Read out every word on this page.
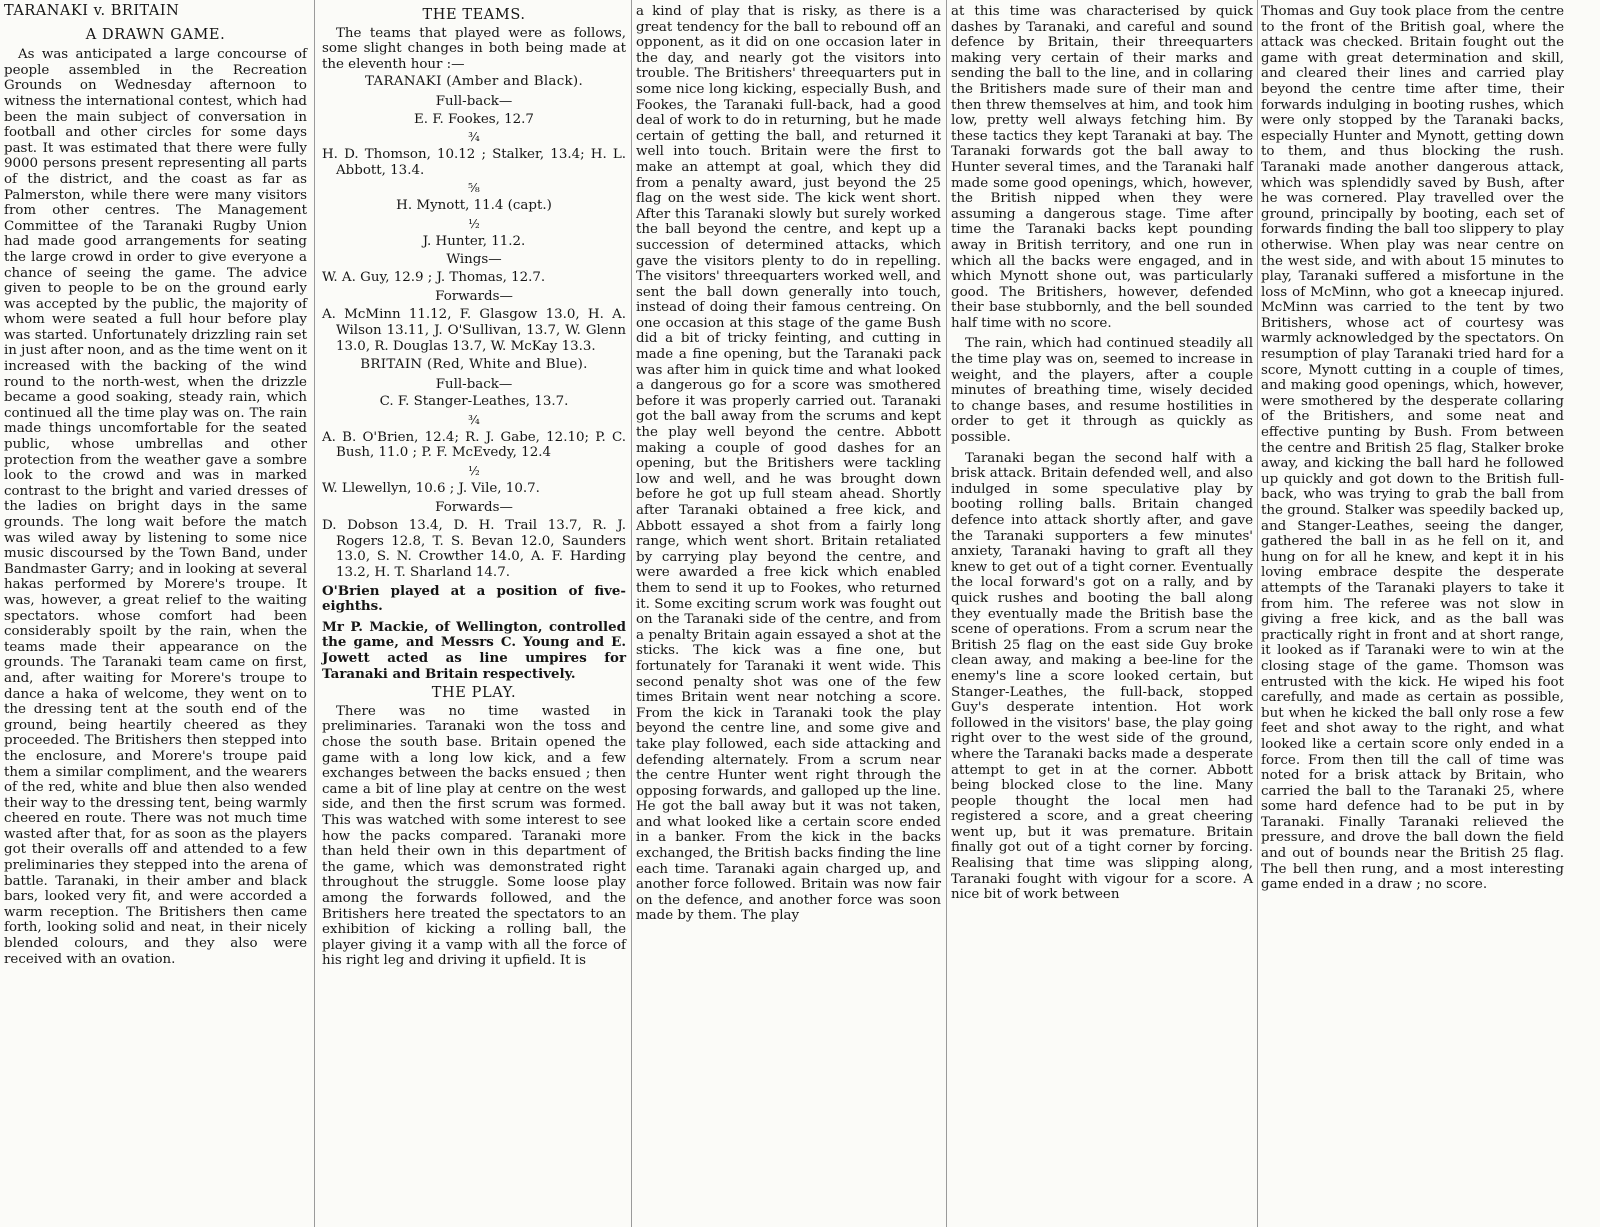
TARANAKI v. BRITAIN
A DRAWN GAME.

As was anticipated a large concourse of people assembled in the Recreation Grounds on Wednesday afternoon to witness the international contest, which had been the main subject of conversation in football and other circles for some days past. It was estimated that there were fully 9000 persons present representing all parts of the district, and the coast as far as Palmerston, while there were many visitors from other centres. The Management Committee of the Taranaki Rugby Union had made good arrangements for seating the large crowd in order to give everyone a chance of seeing the game. The advice given to people to be on the ground early was accepted by the public, the majority of whom were seated a full hour before play was started. Unfortunately drizzling rain set in just after noon, and as the time went on it increased with the backing of the wind round to the north-west, when the drizzle became a good soaking, steady rain, which continued all the time play was on. The rain made things uncomfortable for the seated public, whose umbrellas and other protection from the weather gave a sombre look to the crowd and was in marked contrast to the bright and varied dresses of the ladies on bright days in the same grounds. The long wait before the match was wiled away by listening to some nice music discoursed by the Town Band, under Bandmaster Garry; and in looking at several hakas performed by Morere's troupe. It was, however, a great relief to the waiting spectators. whose comfort had been considerably spoilt by the rain, when the teams made their appearance on the grounds. The Taranaki team came on first, and, after waiting for Morere's troupe to dance a haka of welcome, they went on to the dressing tent at the south end of the ground, being heartily cheered as they proceeded. The Britishers then stepped into the enclosure, and Morere's troupe paid them a similar compliment, and the wearers of the red, white and blue then also wended their way to the dressing tent, being warmly cheered en route. There was not much time wasted after that, for as soon as the players got their overalls off and attended to a few preliminaries they stepped into the arena of battle. Taranaki, in their amber and black bars, looked very fit, and were accorded a warm reception. The Britishers then came forth, looking solid and neat, in their nicely blended colours, and they also were received with an ovation.

THE TEAMS.

The teams that played were as follows, some slight changes in both being made at the eleventh hour :—

TARANAKI (Amber and Black).
Full-back—
E. F. Fookes, 12.7
¾
H. D. Thomson, 10.12 ; Stalker, 13.4; H. L. Abbott, 13.4.
⅝
H. Mynott, 11.4 (capt.)
½
J. Hunter, 11.2.
Wings—
W. A. Guy, 12.9 ; J. Thomas, 12.7.
Forwards—
A. McMinn 11.12, F. Glasgow 13.0, H. A. Wilson 13.11, J. O'Sullivan, 13.7, W. Glenn 13.0, R. Douglas 13.7, W. McKay 13.3.
BRITAIN (Red, White and Blue).
Full-back—
C. F. Stanger-Leathes, 13.7.
¾
A. B. O'Brien, 12.4; R. J. Gabe, 12.10; P. C. Bush, 11.0 ; P. F. McEvedy, 12.4
½
W. Llewellyn, 10.6 ; J. Vile, 10.7.
Forwards—
D. Dobson 13.4, D. H. Trail 13.7, R. J. Rogers 12.8, T. S. Bevan 12.0, Saunders 13.0, S. N. Crowther 14.0, A. F. Harding 13.2, H. T. Sharland 14.7.

O'Brien played at a position of five-eighths.

Mr P. Mackie, of Wellington, controlled the game, and Messrs C. Young and E. Jowett acted as line umpires for Taranaki and Britain respectively.

THE PLAY.

There was no time wasted in preliminaries. Taranaki won the toss and chose the south base. Britain opened the game with a long low kick, and a few exchanges between the backs ensued ; then came a bit of line play at centre on the west side, and then the first scrum was formed. This was watched with some interest to see how the packs compared. Taranaki more than held their own in this department of the game, which was demonstrated right throughout the struggle. Some loose play among the forwards followed, and the Britishers here treated the spectators to an exhibition of kicking a rolling ball, the player giving it a vamp with all the force of his right leg and driving it upfield. It is

a kind of play that is risky, as there is a great tendency for the ball to rebound off an opponent, as it did on one occasion later in the day, and nearly got the visitors into trouble. The Britishers' threequarters put in some nice long kicking, especially Bush, and Fookes, the Taranaki full-back, had a good deal of work to do in returning, but he made certain of getting the ball, and returned it well into touch. Britain were the first to make an attempt at goal, which they did from a penalty award, just beyond the 25 flag on the west side. The kick went short. After this Taranaki slowly but surely worked the ball beyond the centre, and kept up a succession of determined attacks, which gave the visitors plenty to do in repelling. The visitors' threequarters worked well, and sent the ball down generally into touch, instead of doing their famous centreing. On one occasion at this stage of the game Bush did a bit of tricky feinting, and cutting in made a fine opening, but the Taranaki pack was after him in quick time and what looked a dangerous go for a score was smothered before it was properly carried out. Taranaki got the ball away from the scrums and kept the play well beyond the centre. Abbott making a couple of good dashes for an opening, but the Britishers were tackling low and well, and he was brought down before he got up full steam ahead. Shortly after Taranaki obtained a free kick, and Abbott essayed a shot from a fairly long range, which went short. Britain retaliated by carrying play beyond the centre, and were awarded a free kick which enabled them to send it up to Fookes, who returned it. Some exciting scrum work was fought out on the Taranaki side of the centre, and from a penalty Britain again essayed a shot at the sticks. The kick was a fine one, but fortunately for Taranaki it went wide. This second penalty shot was one of the few times Britain went near notching a score. From the kick in Taranaki took the play beyond the centre line, and some give and take play followed, each side attacking and defending alternately. From a scrum near the centre Hunter went right through the opposing forwards, and galloped up the line. He got the ball away but it was not taken, and what looked like a certain score ended in a banker. From the kick in the backs exchanged, the British backs finding the line each time. Taranaki again charged up, and another force followed. Britain was now fair on the defence, and another force was soon made by them. The play

at this time was characterised by quick dashes by Taranaki, and careful and sound defence by Britain, their threequarters making very certain of their marks and sending the ball to the line, and in collaring the Britishers made sure of their man and then threw themselves at him, and took him low, pretty well always fetching him. By these tactics they kept Taranaki at bay. The Taranaki forwards got the ball away to Hunter several times, and the Taranaki half made some good openings, which, however, the British nipped when they were assuming a dangerous stage. Time after time the Taranaki backs kept pounding away in British territory, and one run in which all the backs were engaged, and in which Mynott shone out, was particularly good. The Britishers, however, defended their base stubbornly, and the bell sounded half time with no score.

The rain, which had continued steadily all the time play was on, seemed to increase in weight, and the players, after a couple minutes of breathing time, wisely decided to change bases, and resume hostilities in order to get it through as quickly as possible.

Taranaki began the second half with a brisk attack. Britain defended well, and also indulged in some speculative play by booting rolling balls. Britain changed defence into attack shortly after, and gave the Taranaki supporters a few minutes' anxiety, Taranaki having to graft all they knew to get out of a tight corner. Eventually the local forward's got on a rally, and by quick rushes and booting the ball along they eventually made the British base the scene of operations. From a scrum near the British 25 flag on the east side Guy broke clean away, and making a bee-line for the enemy's line a score looked certain, but Stanger-Leathes, the full-back, stopped Guy's desperate intention. Hot work followed in the visitors' base, the play going right over to the west side of the ground, where the Taranaki backs made a desperate attempt to get in at the corner. Abbott being blocked close to the line. Many people thought the local men had registered a score, and a great cheering went up, but it was premature. Britain finally got out of a tight corner by forcing. Realising that time was slipping along, Taranaki fought with vigour for a score. A nice bit of work between

Thomas and Guy took place from the centre to the front of the British goal, where the attack was checked. Britain fought out the game with great determination and skill, and cleared their lines and carried play beyond the centre time after time, their forwards indulging in booting rushes, which were only stopped by the Taranaki backs, especially Hunter and Mynott, getting down to them, and thus blocking the rush. Taranaki made another dangerous attack, which was splendidly saved by Bush, after he was cornered. Play travelled over the ground, principally by booting, each set of forwards finding the ball too slippery to play otherwise. When play was near centre on the west side, and with about 15 minutes to play, Taranaki suffered a misfortune in the loss of McMinn, who got a kneecap injured. McMinn was carried to the tent by two Britishers, whose act of courtesy was warmly acknowledged by the spectators. On resumption of play Taranaki tried hard for a score, Mynott cutting in a couple of times, and making good openings, which, however, were smothered by the desperate collaring of the Britishers, and some neat and effective punting by Bush. From between the centre and British 25 flag, Stalker broke away, and kicking the ball hard he followed up quickly and got down to the British full-back, who was trying to grab the ball from the ground. Stalker was speedily backed up, and Stanger-Leathes, seeing the danger, gathered the ball in as he fell on it, and hung on for all he knew, and kept it in his loving embrace despite the desperate attempts of the Taranaki players to take it from him. The referee was not slow in giving a free kick, and as the ball was practically right in front and at short range, it looked as if Taranaki were to win at the closing stage of the game. Thomson was entrusted with the kick. He wiped his foot carefully, and made as certain as possible, but when he kicked the ball only rose a few feet and shot away to the right, and what looked like a certain score only ended in a force. From then till the call of time was noted for a brisk attack by Britain, who carried the ball to the Taranaki 25, where some hard defence had to be put in by Taranaki. Finally Taranaki relieved the pressure, and drove the ball down the field and out of bounds near the British 25 flag. The bell then rung, and a most interesting game ended in a draw ; no score.
